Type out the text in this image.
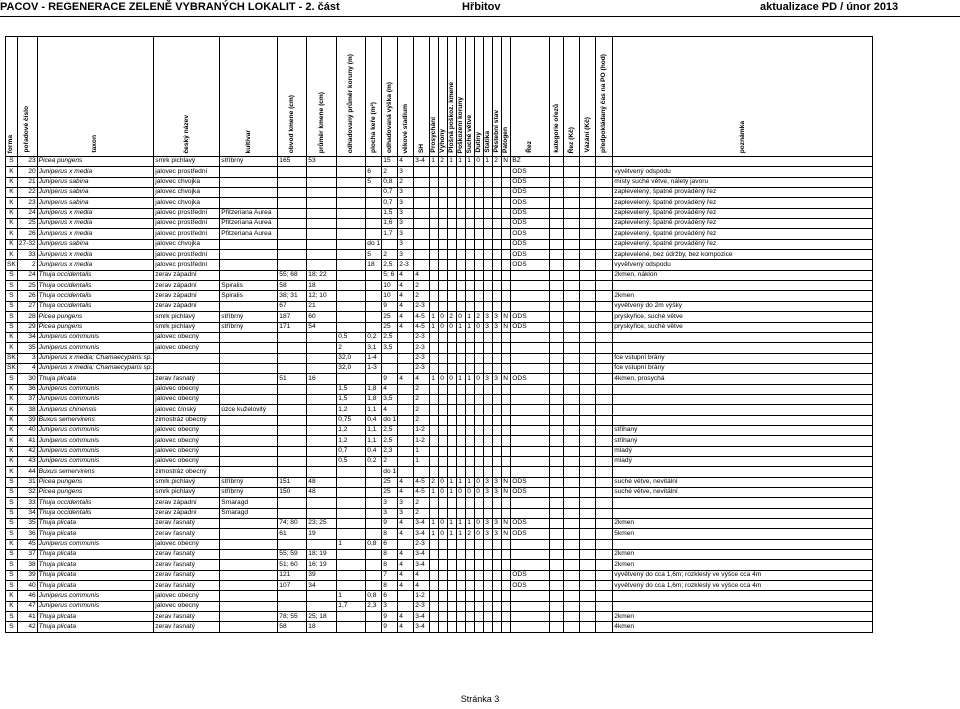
PACOV - REGENERACE ZELENĚ VYBRANÝCH LOKALIT - 2. část	Hřbitov	aktualizace PD / únor 2013
forma	pořadové číslo	taxon	český název	kultivar	obvod kmene (cm)	průměr kmene (cm)	odhadovaný průměr koruny (m)	plocha keře (m²)	odhadovaná výška (m)	věkové stadium	SH	Prosychání	Výhony	Plošná poškoz. kmene	Poškození koruny	Suché větve	Dutiny	Statika	Pěstební stav	Patogen	Řez	kategorie ořezů	Řez (Kč)	Vázání (Kč)	předpokládaný čas na PO (hod)	poznámka

S	23	Picea pungens	smrk pichlavý	stříbrný	165	53			15	4	3-4	1	2	1	1	1	0	1	2	N	BZ					
K	20	Juniperus x media	jalovec prostřední					6	2	3											ODS					vyvětvený odspodu
K	21	Juniperus sabina	jalovec chvojka					5	0,8	2											ODS					místy suché větve, nálety javoru
K	22	Juniperus sabina	jalovec chvojka						0,7	3											ODS					zaplevelený, špatně prováděný řez
K	23	Juniperus sabina	jalovec chvojka						0,7	3											ODS					zaplevelený, špatně prováděný řez
K	24	Juniperus x media	jalovec prostřední	Pfitzeriana Aurea					1,5	3											ODS					zaplevelený, špatně prováděný řez
K	25	Juniperus x media	jalovec prostřední	Pfitzeriana Aurea					1,6	3											ODS					zaplevelený, špatně prováděný řez
K	26	Juniperus x media	jalovec prostřední	Pfitzeriana Aurea					1,7	3											ODS					zaplevelený, špatně prováděný řez
K	27-32	Juniperus sabina	jalovec chvojka					do 1		3											ODS					zaplevelený, špatně prováděný řez
K	33	Juniperus x media	jalovec prostřední					5	2	3											ODS					zaplevelené, bez údržby, bez kompozice
SK	2	Juniperus x media	jalovec prostřední					18	2,5	2-3											ODS					vyvětvený odspodu
S	24	Thuja occidentalis	zerav západní		55; 68	18; 22			5; 6	4	4															2kmen, náklon
S	25	Thuja occidentalis	zerav západní	Spiralis	58	18			10	4	2															
S	26	Thuja occidentalis	zerav západní	Spiralis	38; 31	12; 10			10	4	2															2kmen
S	27	Thuja occidentalis	zerav západní		67	21			9	4	2-3															vyvětvený do 2m výšky
S	28	Picea pungens	smrk pichlavý	stříbrný	187	60			25	4	4-5	1	0	2	0	1	2	3	3	N	ODS					pryskyřice, suché větve
S	29	Picea pungens	smrk pichlavý	stříbrný	171	54			25	4	4-5	1	0	0	1	1	0	3	3	N	ODS					pryskyřice, suché větve
K	34	Juniperus communis	jalovec obecný				0,5	0,2	2,5		2-3															
K	35	Juniperus communis	jalovec obecný				2	3,1	3,5		2-3															
SK	3	Juniperus x media; Chamaecyparis sp.					32,0	1-4			2-3															fce vstupní brány
SK	4	Juniperus x media; Chamaecyparis sp.					32,0	1-3			2-3															fce vstupní brány
S	30	Thuja plicata	zerav řasnatý		51	16			9	4	4	1	0	0	1	1	0	3	3	N	ODS					4kmen, prosychá
K	36	Juniperus communis	jalovec obecný				1,5	1,8	4		2															
K	37	Juniperus communis	jalovec obecný				1,5	1,8	3,5		2															
K	38	Juniperus chinensis	jalovec čínský	úzce kuželovitý			1,2	1,1	4		2															
K	39	Buxus semervirens	zimostráz obecný				0,75	0,4	do 1		2															
K	40	Juniperus communis	jalovec obecný				1,2	1,1	2,5		1-2															střihaný
K	41	Juniperus communis	jalovec obecný				1,2	1,1	2,5		1-2															střihaný
K	42	Juniperus communis	jalovec obecný				0,7	0,4	2,3		1															mladý
K	43	Juniperus communis	jalovec obecný				0,5	0,2	2		1															mladý
K	44	Buxus semervirens	zimostráz obecný						do 1																	
S	31	Picea pungens	smrk pichlavý	stříbrný	151	48			25	4	4-5	2	0	1	1	1	0	3	3	N	ODS					suché větve, nevitální
S	32	Picea pungens	smrk pichlavý	stříbrný	150	48			25	4	4-5	1	0	1	0	0	0	3	3	N	ODS					suché větve, nevitální
S	33	Thuja occidentalis	zerav západní	Smaragd					3	3	2															
S	34	Thuja occidentalis	zerav západní	Smaragd					3	3	2															
S	35	Thuja plicata	zerav řasnatý		74; 80	23; 25			9	4	3-4	1	0	1	1	1	0	3	3	N	ODS					2kmen
S	36	Thuja plicata	zerav řasnatý		61	19			8	4	3-4	1	0	1	1	2	0	3	3	N	ODS					5kmen
K	45	Juniperus communis	jalovec obecný				1	0,8	6		2-3															
S	37	Thuja plicata	zerav řasnatý		55; 59	18; 19			8	4	3-4															2kmen
S	38	Thuja plicata	zerav řasnatý		51; 60	16; 19			8	4	3-4															2kmen
S	39	Thuja plicata	zerav řasnatý		121	39			7	4	4										ODS					vyvětvený do cca 1,6m; rozkleslý ve výšce cca 4m
S	40	Thuja plicata	zerav řasnatý		107	34			8	4	4										ODS					vyvětvený do cca 1,6m; rozkleslý ve výšce cca 4m
K	46	Juniperus communis	jalovec obecný				1	0,8	6		1-2															
K	47	Juniperus communis	jalovec obecný				1,7	2,3	3		2-3															
S	41	Thuja plicata	zerav řasnatý		78; 55	25; 18			9	4	3-4															2kmen
S	42	Thuja plicata	zerav řasnatý		58	18			9	4	3-4															4kmen
Stránka 3
